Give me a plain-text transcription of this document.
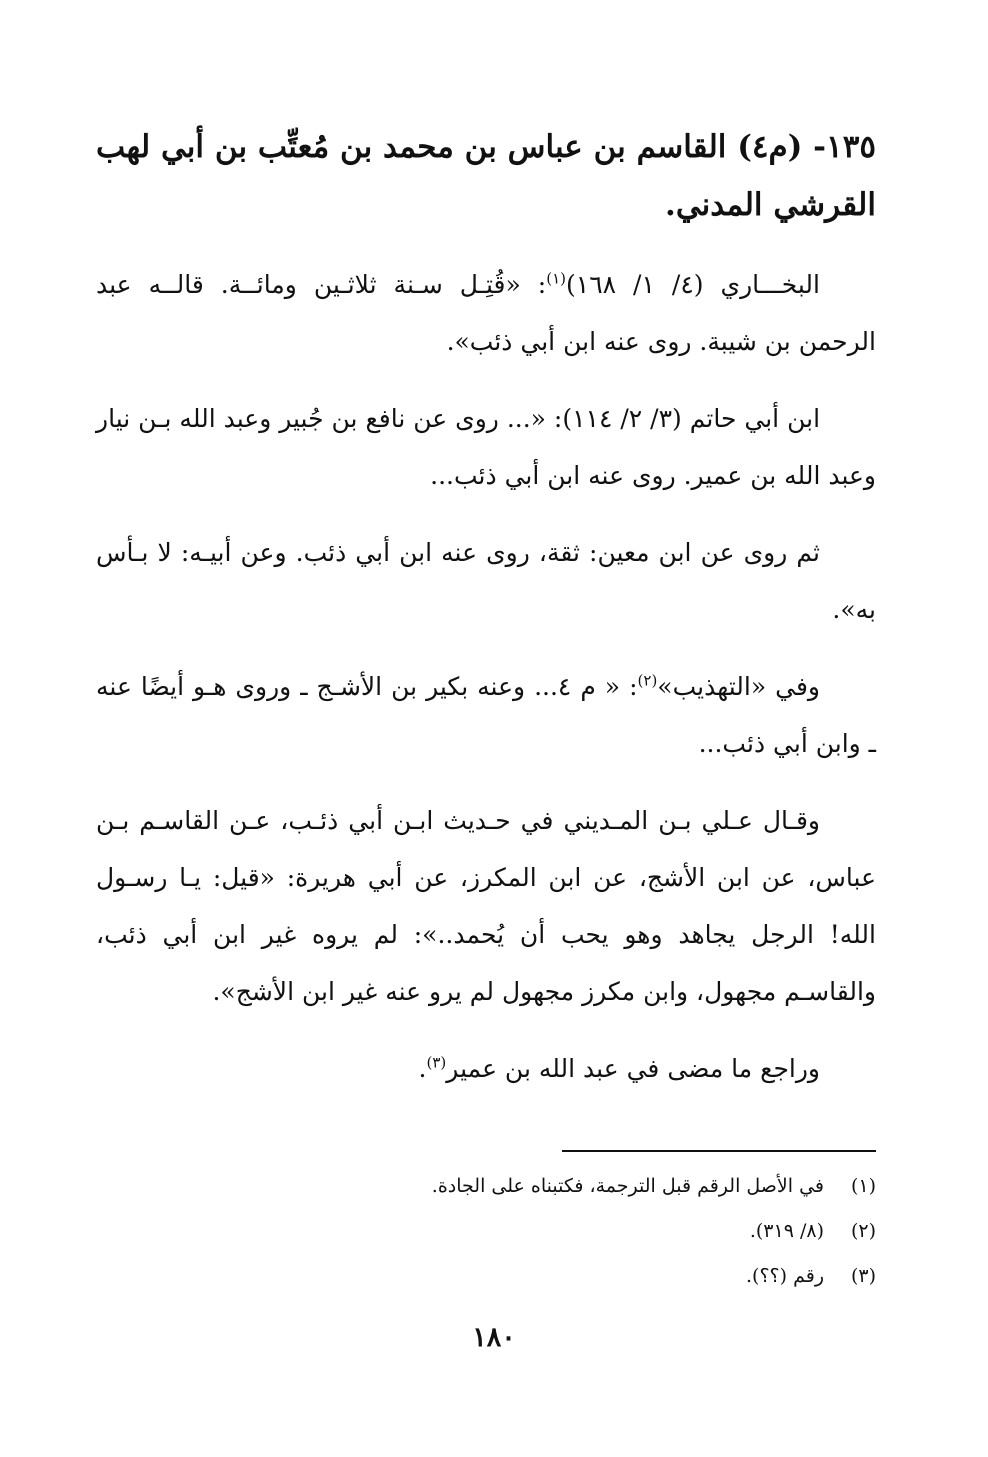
١٣٥- (م٤) القاسم بن عباس بن محمد بن مُعتِّب بن أبي لهب القرشي المدني.

البخـــاري (٤/ ١/ ١٦٨)$^{(١)}$: «قُتِـل سـنة ثلاثـين ومائــة. قالــه عبد الرحمن بن شيبة. روى عنه ابن أبي ذئب».

ابن أبي حاتم (٣/ ٢/ ١١٤): «... روى عن نافع بن جُبير وعبد الله بـن نيار وعبد الله بن عمير. روى عنه ابن أبي ذئب...

ثم روى عن ابن معين: ثقة، روى عنه ابن أبي ذئب. وعن أبيـه: لا بـأس به».

وفي «التهذيب»$^{(٢)}$: « م ٤... وعنه بكير بن الأشـج ـ وروى هـو أيضًا عنه ـ وابن أبي ذئب...

وقـال عـلي بـن المـديني في حـديث ابـن أبي ذئـب، عـن القاسـم بـن عباس، عن ابن الأشج، عن ابن المكرز، عن أبي هريرة: «قيل: يـا رسـول الله! الرجل يجاهد وهو يحب أن يُحمد..»: لم يروه غير ابن أبي ذئب، والقاسـم مجهول، وابن مكرز مجهول لم يرو عنه غير ابن الأشج».

وراجع ما مضى في عبد الله بن عمير$^{(٣)}$.

(١)في الأصل الرقم قبل الترجمة، فكتبناه على الجادة.
(٢)(٨/ ٣١٩).
(٣)رقم (؟؟).
١٨٠
